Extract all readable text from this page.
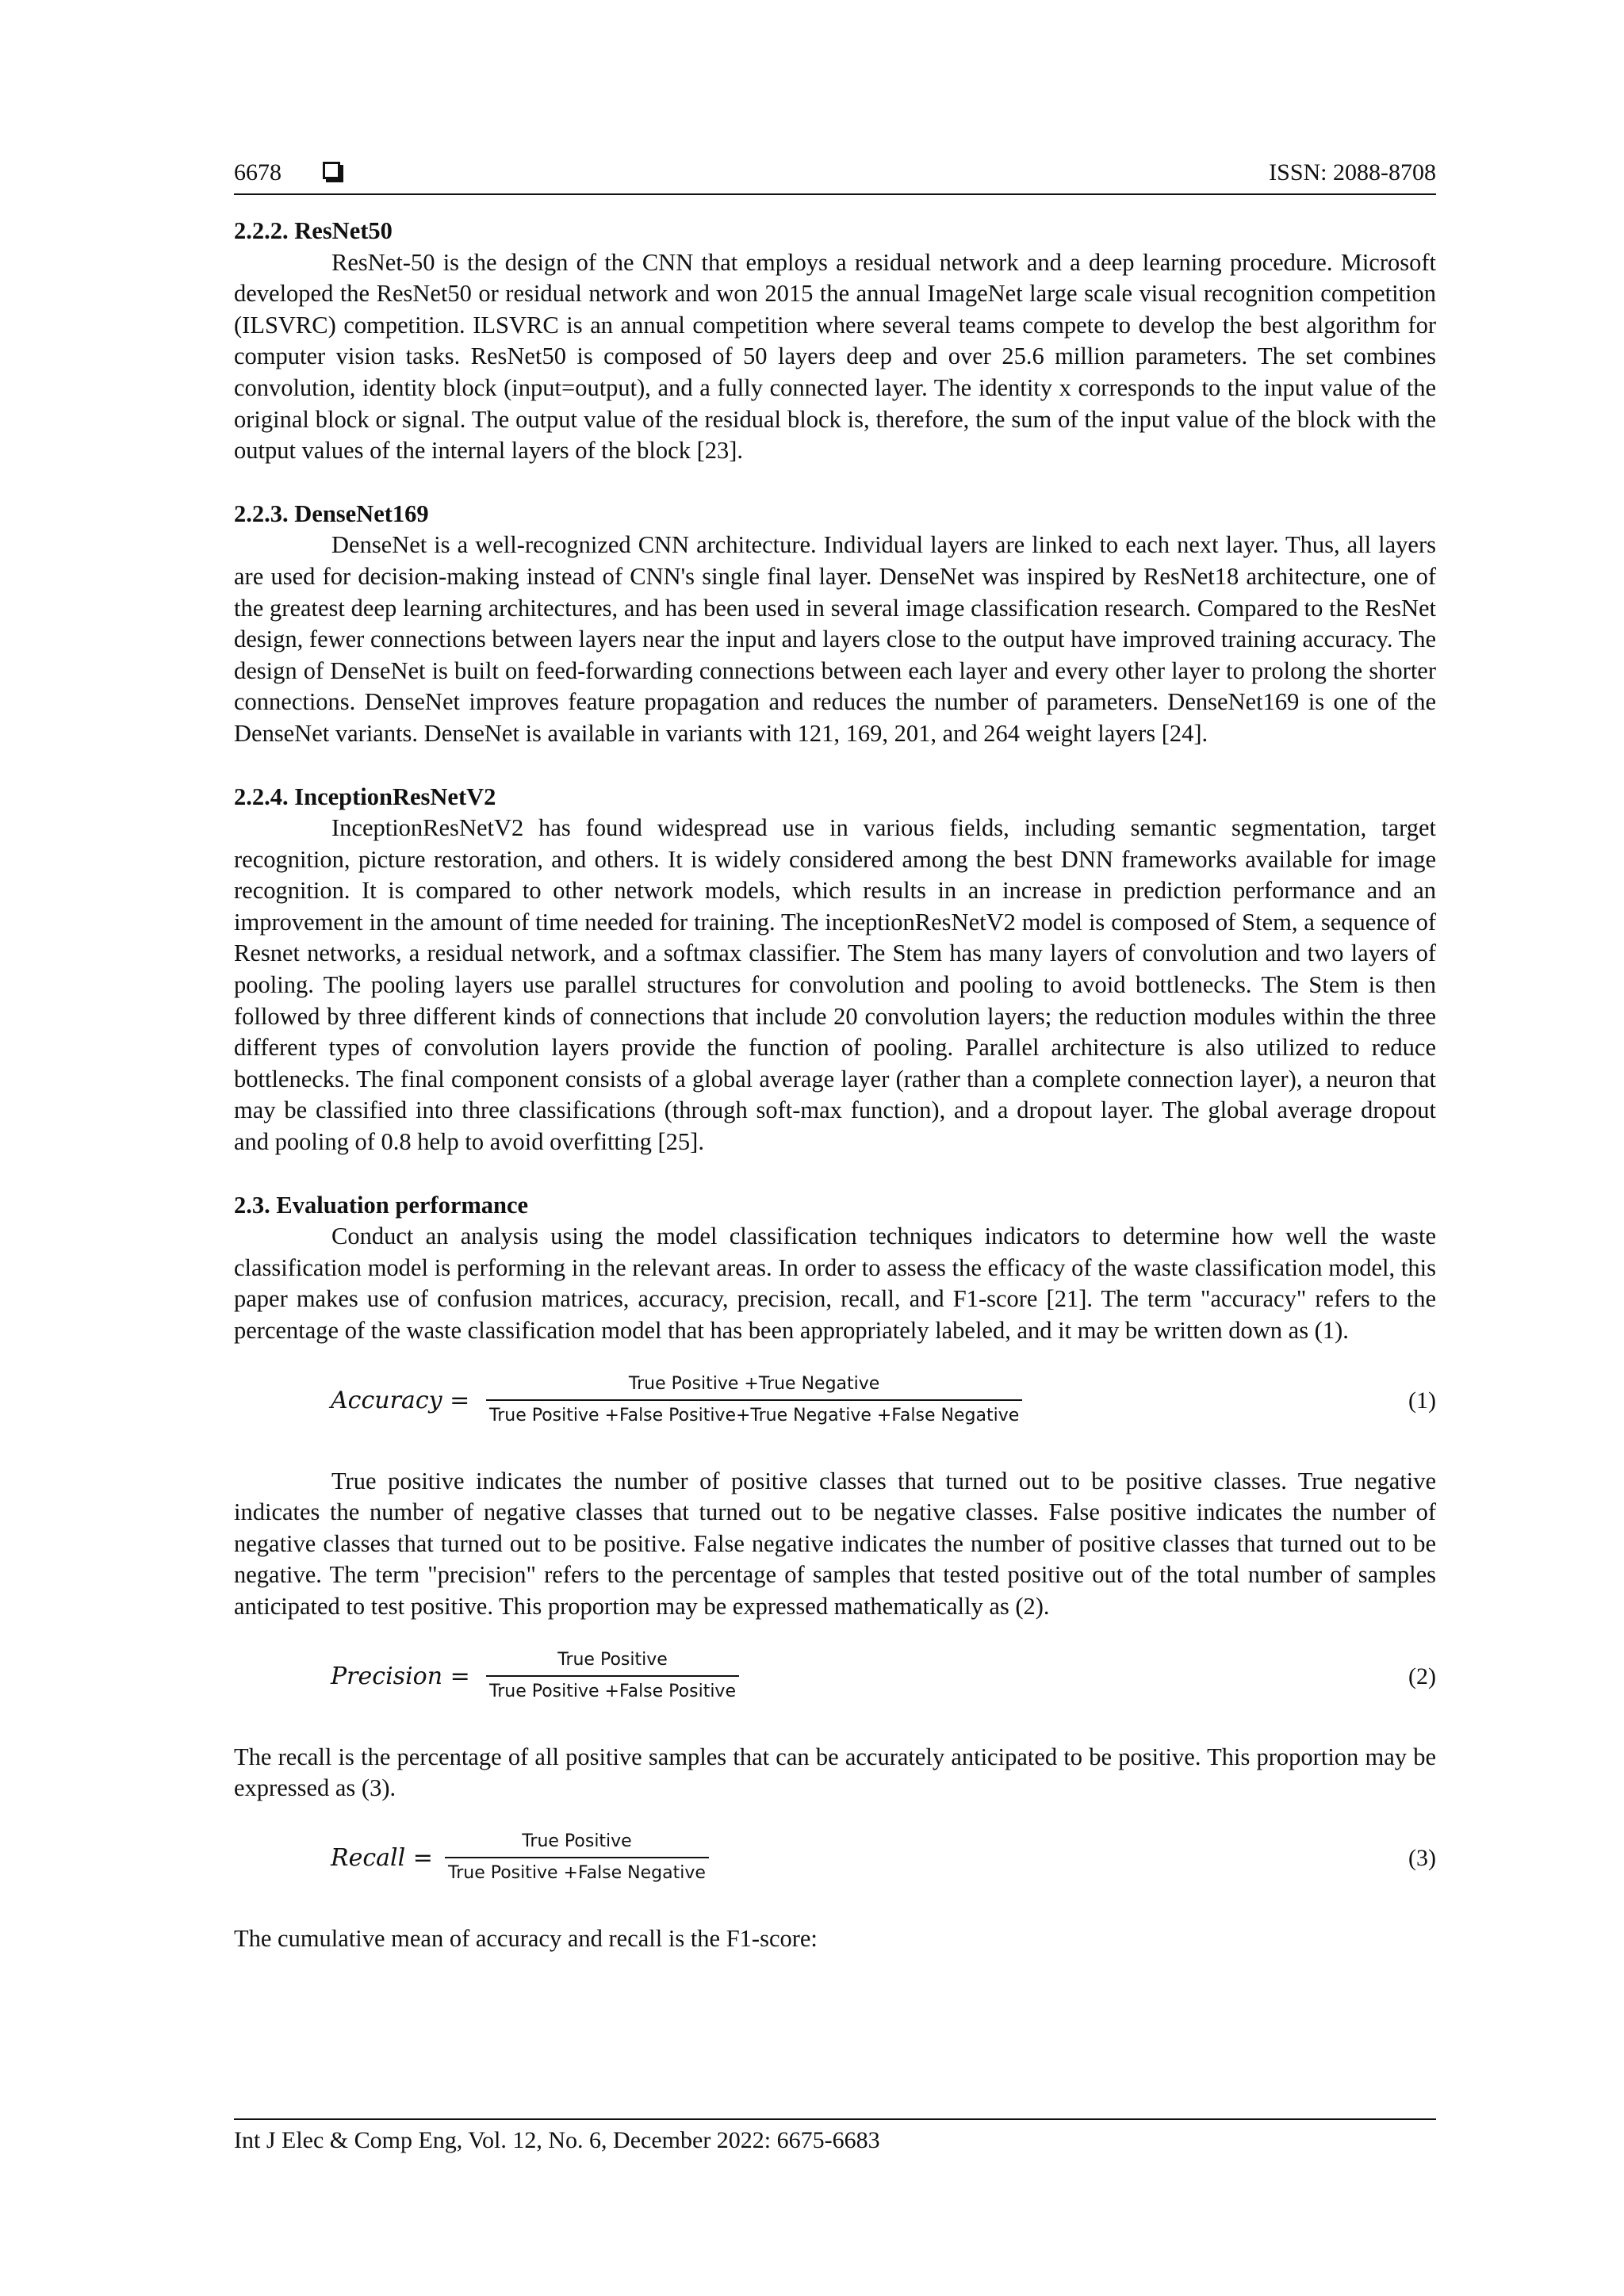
6678	ISSN: 2088-8708

2.2.2. ResNet50

ResNet-50 is the design of the CNN that employs a residual network and a deep learning procedure. Microsoft developed the ResNet50 or residual network and won 2015 the annual ImageNet large scale visual recognition competition (ILSVRC) competition. ILSVRC is an annual competition where several teams compete to develop the best algorithm for computer vision tasks. ResNet50 is composed of 50 layers deep and over 25.6 million parameters. The set combines convolution, identity block (input=output), and a fully connected layer. The identity x corresponds to the input value of the original block or signal. The output value of the residual block is, therefore, the sum of the input value of the block with the output values of the internal layers of the block [23].

2.2.3. DenseNet169

DenseNet is a well-recognized CNN architecture. Individual layers are linked to each next layer. Thus, all layers are used for decision-making instead of CNN's single final layer. DenseNet was inspired by ResNet18 architecture, one of the greatest deep learning architectures, and has been used in several image classification research. Compared to the ResNet design, fewer connections between layers near the input and layers close to the output have improved training accuracy. The design of DenseNet is built on feed-forwarding connections between each layer and every other layer to prolong the shorter connections. DenseNet improves feature propagation and reduces the number of parameters. DenseNet169 is one of the DenseNet variants. DenseNet is available in variants with 121, 169, 201, and 264 weight layers [24].

2.2.4. InceptionResNetV2

InceptionResNetV2 has found widespread use in various fields, including semantic segmentation, target recognition, picture restoration, and others. It is widely considered among the best DNN frameworks available for image recognition. It is compared to other network models, which results in an increase in prediction performance and an improvement in the amount of time needed for training. The inceptionResNetV2 model is composed of Stem, a sequence of Resnet networks, a residual network, and a softmax classifier. The Stem has many layers of convolution and two layers of pooling. The pooling layers use parallel structures for convolution and pooling to avoid bottlenecks. The Stem is then followed by three different kinds of connections that include 20 convolution layers; the reduction modules within the three different types of convolution layers provide the function of pooling. Parallel architecture is also utilized to reduce bottlenecks. The final component consists of a global average layer (rather than a complete connection layer), a neuron that may be classified into three classifications (through soft-max function), and a dropout layer. The global average dropout and pooling of 0.8 help to avoid overfitting [25].

2.3. Evaluation performance

Conduct an analysis using the model classification techniques indicators to determine how well the waste classification model is performing in the relevant areas. In order to assess the efficacy of the waste classification model, this paper makes use of confusion matrices, accuracy, precision, recall, and F1-score [21]. The term "accuracy" refers to the percentage of the waste classification model that has been appropriately labeled, and it may be written down as (1).

Accuracy =
True Positive +True Negative
True Positive +False Positive+True Negative +False Negative
(1)

True positive indicates the number of positive classes that turned out to be positive classes. True negative indicates the number of negative classes that turned out to be negative classes. False positive indicates the number of negative classes that turned out to be positive. False negative indicates the number of positive classes that turned out to be negative. The term "precision" refers to the percentage of samples that tested positive out of the total number of samples anticipated to test positive. This proportion may be expressed mathematically as (2).

Precision =
True Positive
True Positive +False Positive
(2)

The recall is the percentage of all positive samples that can be accurately anticipated to be positive. This proportion may be expressed as (3).

Recall =
True Positive
True Positive +False Negative
(3)

The cumulative mean of accuracy and recall is the F1-score:

Int J Elec & Comp Eng, Vol. 12, No. 6, December 2022: 6675-6683
